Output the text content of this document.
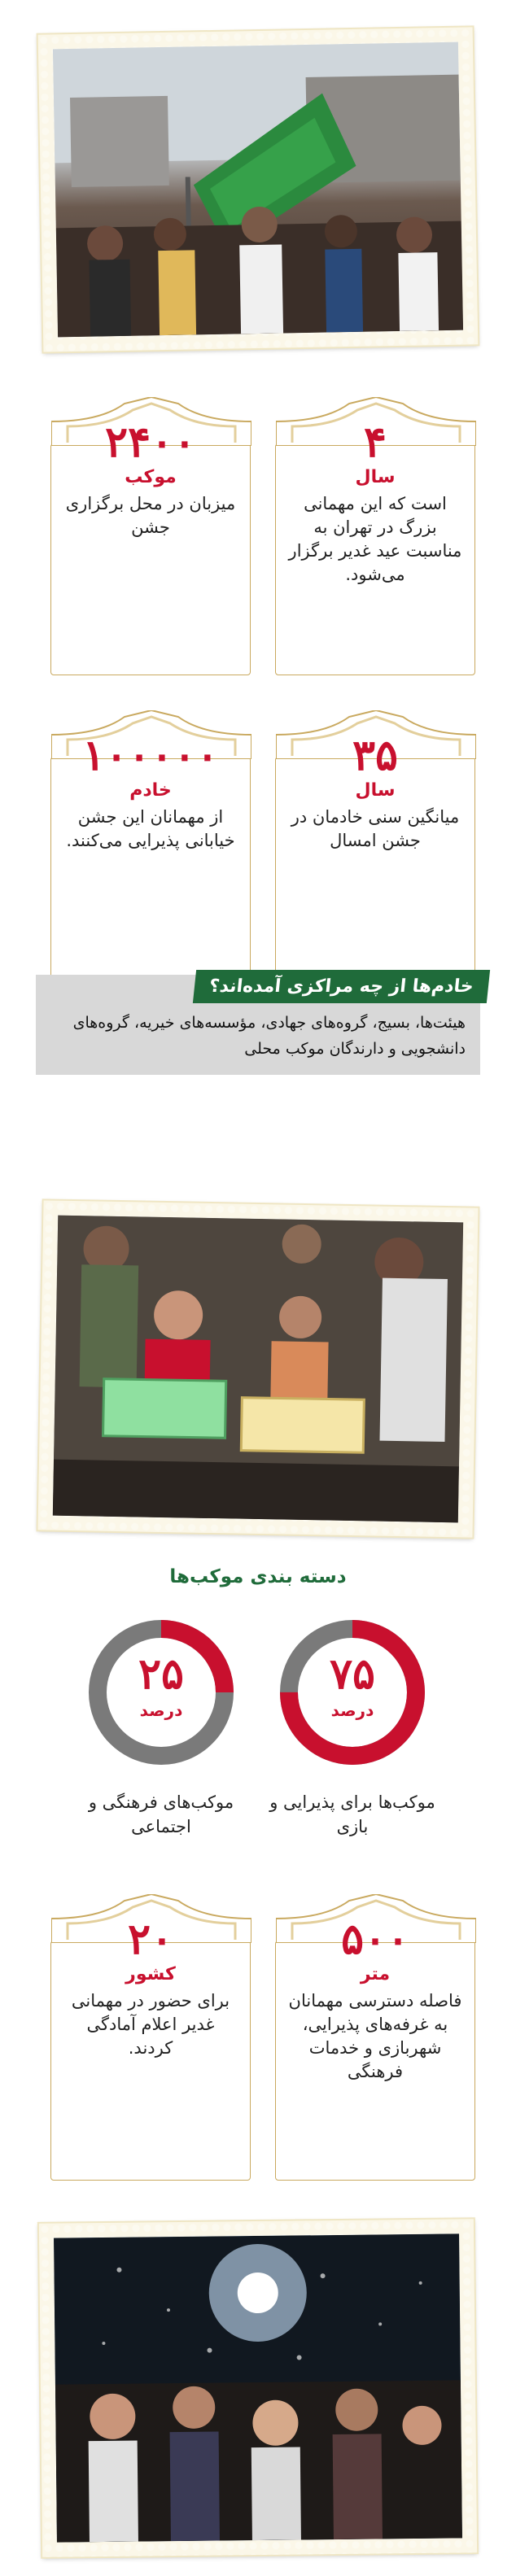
۴
سال
است که این مهمانی بزرگ در تهران به مناسبت عید غدیر برگزار می‌شود.
۲۴۰۰
موکب
میزبان در محل برگزاری جشن
۳۵
سال
میانگین سنی خادمان در جشن امسال
۱۰۰۰۰۰
خادم
از مهمانان این جشن خیابانی پذیرایی می‌کنند.
خادم‌ها از چه مراکزی آمده‌اند؟
هیئت‌ها، بسیج، گروه‌های جهادی، مؤسسه‌های خیریه، گروه‌های دانشجویی و دارندگان موکب محلی
دسته بندی موکب‌ها
۷۵
درصد
موکب‌ها برای پذیرایی و بازی
۲۵
درصد
موکب‌های فرهنگی و اجتماعی
۵۰۰
متر
فاصله دسترسی مهمانان به غرفه‌های پذیرایی، شهربازی و خدمات فرهنگی
۲۰
کشور
برای حضور در مهمانی غدیر اعلام آمادگی کردند.
